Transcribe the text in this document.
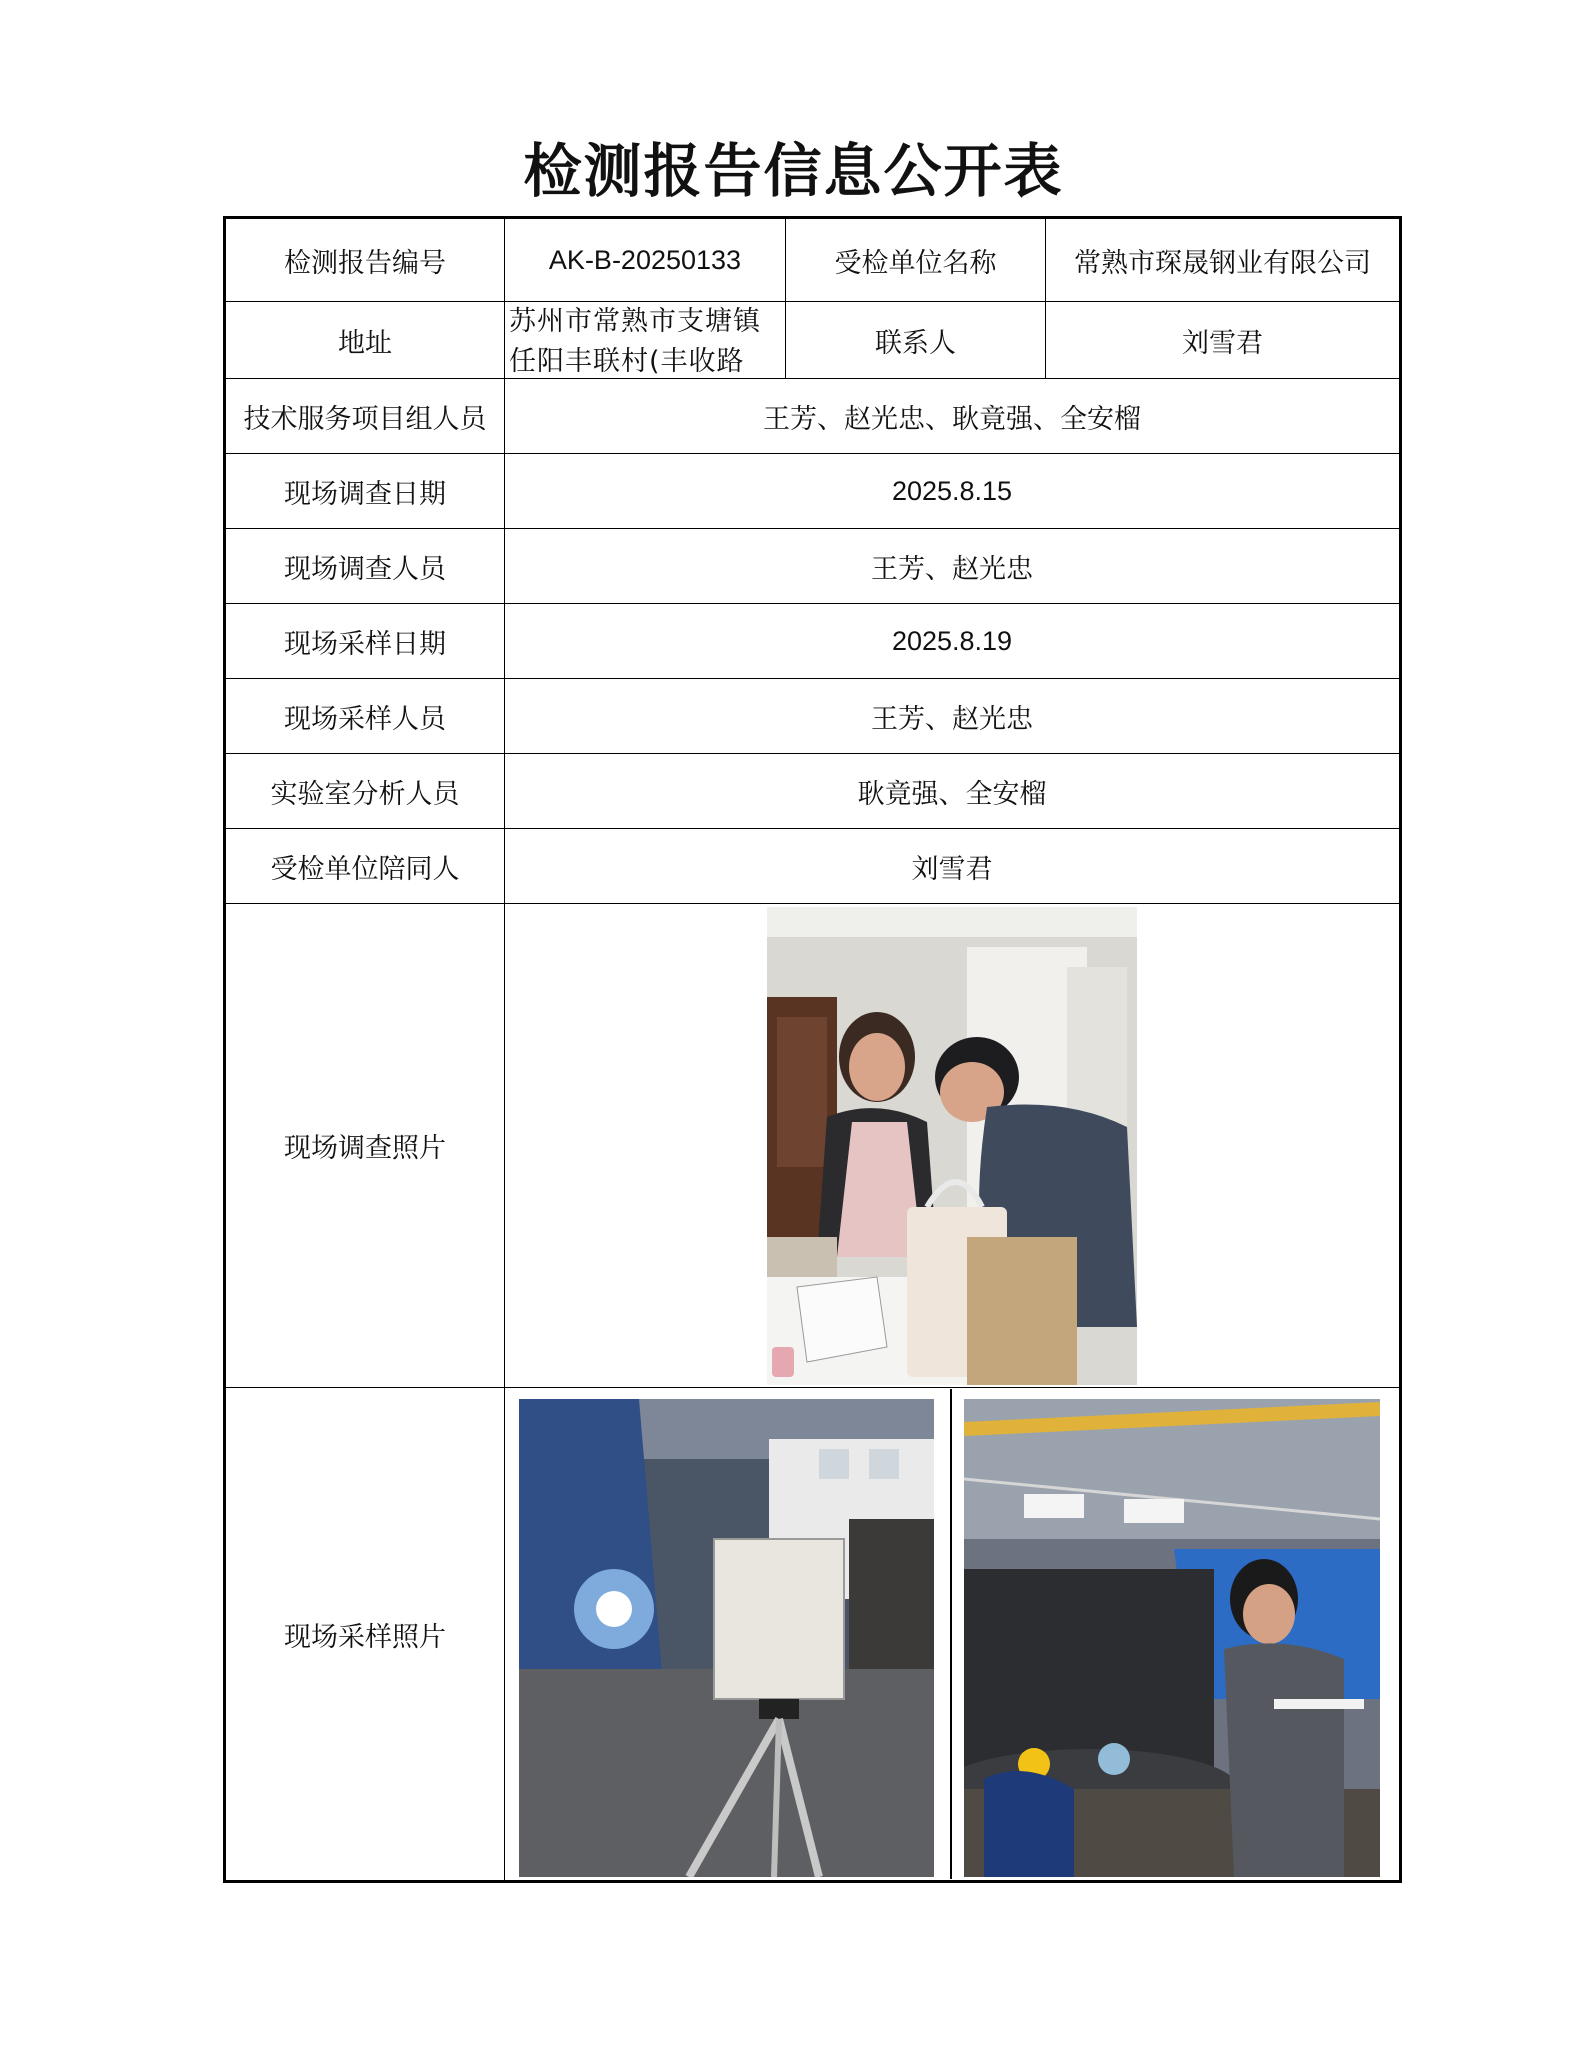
检测报告信息公开表
检测报告编号	AK-B-20250133	受检单位名称	常熟市琛晟钢业有限公司
地址	苏州市常熟市支塘镇任阳丰联村(丰收路	联系人	刘雪君
技术服务项目组人员	王芳、赵光忠、耿竟强、全安榴		
现场调查日期	2025.8.15		
现场调查人员	王芳、赵光忠		
现场采样日期	2025.8.19		
现场采样人员	王芳、赵光忠		
实验室分析人员	耿竟强、全安榴		
受检单位陪同人	刘雪君		
现场调查照片	

现场采样照片	
